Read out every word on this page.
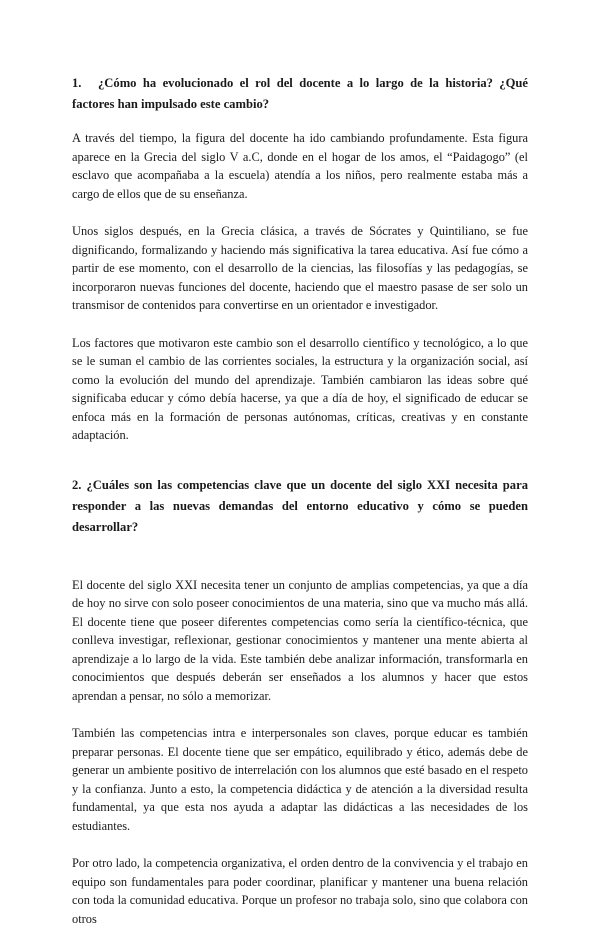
1. ¿Cómo ha evolucionado el rol del docente a lo largo de la historia? ¿Qué factores han impulsado este cambio?

A través del tiempo, la figura del docente ha ido cambiando profundamente. Esta figura aparece en la Grecia del siglo V a.C, donde en el hogar de los amos, el “Paidagogo” (el esclavo que acompañaba a la escuela) atendía a los niños, pero realmente estaba más a cargo de ellos que de su enseñanza.

Unos siglos después, en la Grecia clásica, a través de Sócrates y Quintiliano, se fue dignificando, formalizando y haciendo más significativa la tarea educativa. Así fue cómo a partir de ese momento, con el desarrollo de la ciencias, las filosofías y las pedagogías, se incorporaron nuevas funciones del docente, haciendo que el maestro pasase de ser solo un transmisor de contenidos para convertirse en un orientador e investigador.

Los factores que motivaron este cambio son el desarrollo científico y tecnológico, a lo que se le suman el cambio de las corrientes sociales, la estructura y la organización social, así como la evolución del mundo del aprendizaje. También cambiaron las ideas sobre qué significaba educar y cómo debía hacerse, ya que a día de hoy, el significado de educar se enfoca más en la formación de personas autónomas, críticas, creativas y en constante adaptación.

2. ¿Cuáles son las competencias clave que un docente del siglo XXI necesita para responder a las nuevas demandas del entorno educativo y cómo se pueden desarrollar?

El docente del siglo XXI necesita tener un conjunto de amplias competencias, ya que a día de hoy no sirve con solo poseer conocimientos de una materia, sino que va mucho más allá. El docente tiene que poseer diferentes competencias como sería la científico-técnica, que conlleva investigar, reflexionar, gestionar conocimientos y mantener una mente abierta al aprendizaje a lo largo de la vida. Este también debe analizar información, transformarla en conocimientos que después deberán ser enseñados a los alumnos y hacer que estos aprendan a pensar, no sólo a memorizar.

También las competencias intra e interpersonales son claves, porque educar es también preparar personas. El docente tiene que ser empático, equilibrado y ético, además debe de generar un ambiente positivo de interrelación con los alumnos que esté basado en el respeto y la confianza. Junto a esto, la competencia didáctica y de atención a la diversidad resulta fundamental, ya que esta nos ayuda a adaptar las didácticas a las necesidades de los estudiantes.

Por otro lado, la competencia organizativa, el orden dentro de la convivencia y el trabajo en equipo son fundamentales para poder coordinar, planificar y mantener una buena relación con toda la comunidad educativa. Porque un profesor no trabaja solo, sino que colabora con otros
